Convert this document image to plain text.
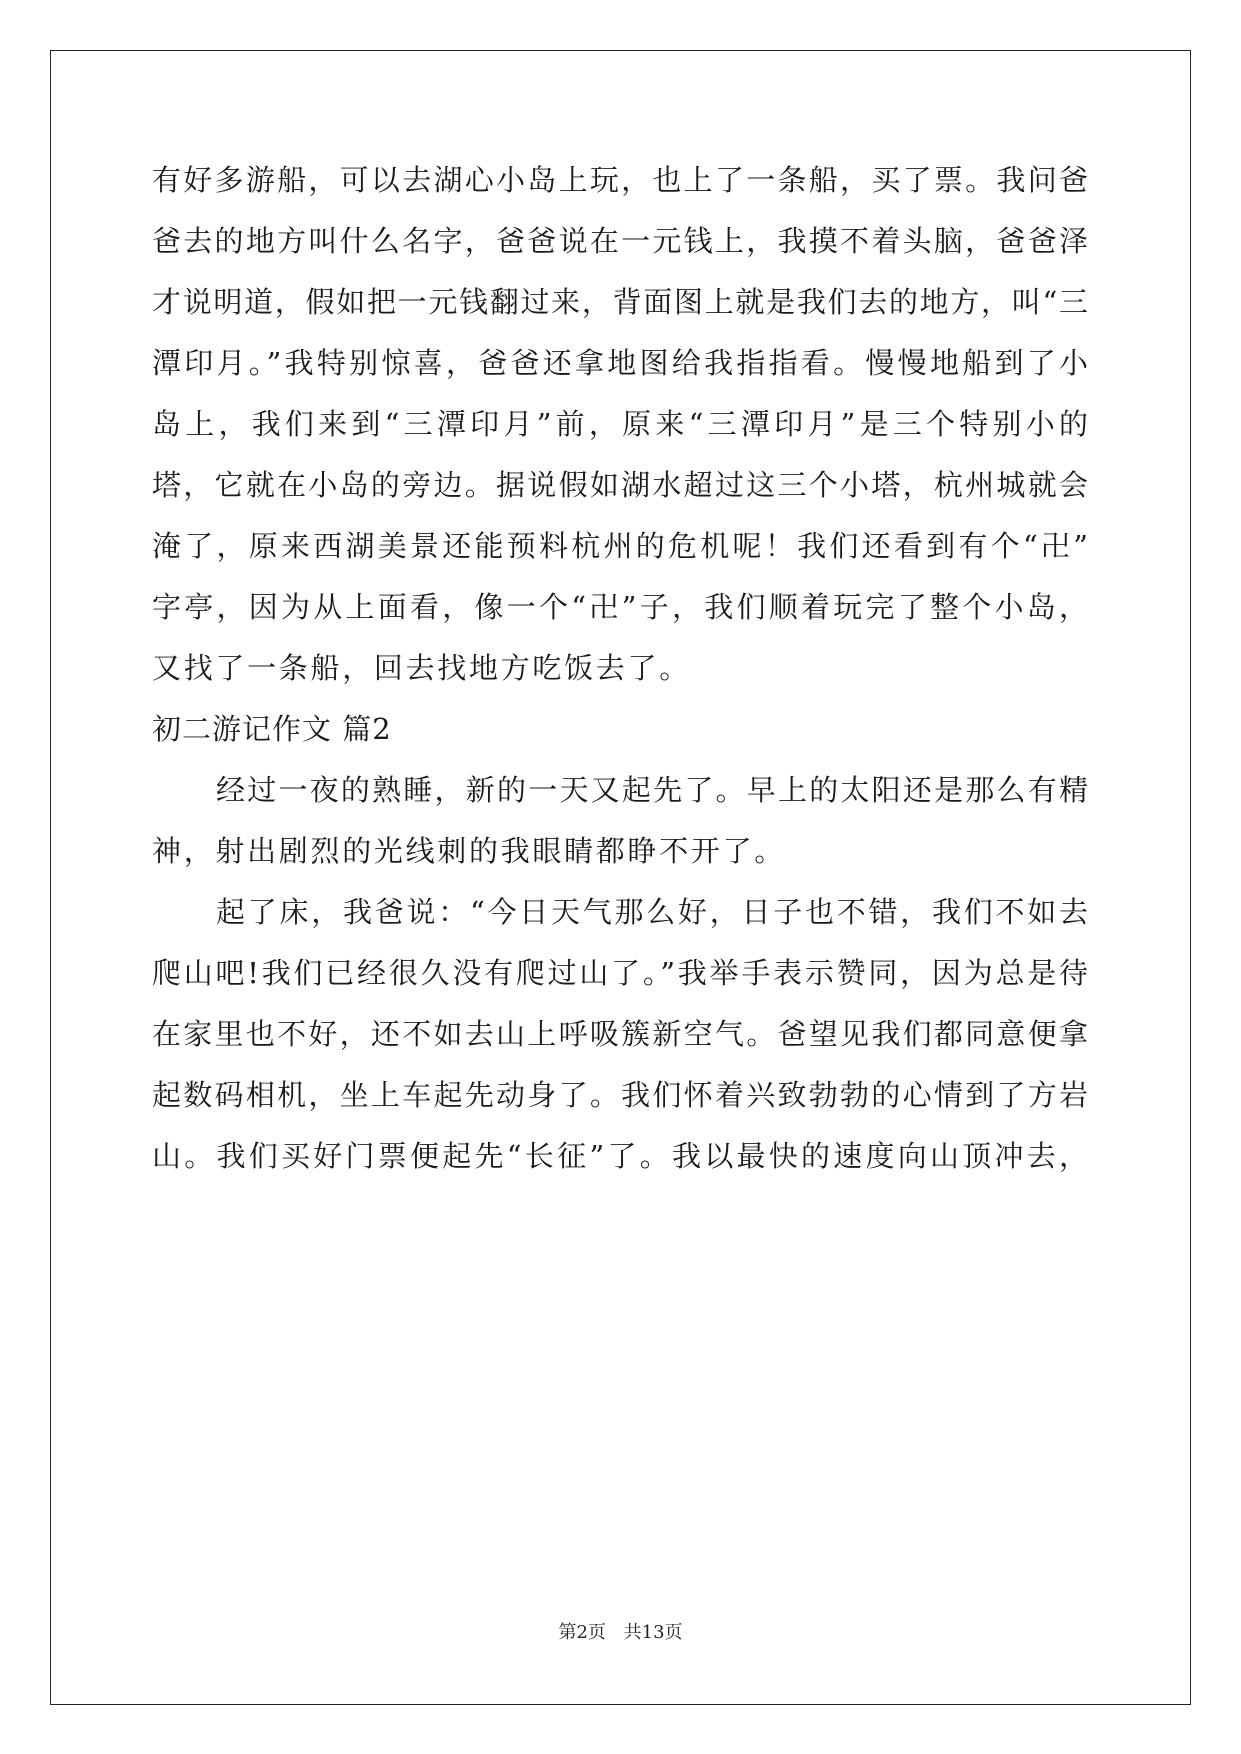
有好多游船，可以去湖心小岛上玩，也上了一条船，买了票。我问爸
爸去的地方叫什么名字，爸爸说在一元钱上，我摸不着头脑，爸爸泽
才说明道，假如把一元钱翻过来，背面图上就是我们去的地方，叫“三
潭印月。”我特别惊喜，爸爸还拿地图给我指指看。慢慢地船到了小
岛上，我们来到“三潭印月”前，原来“三潭印月”是三个特别小的
塔，它就在小岛的旁边。据说假如湖水超过这三个小塔，杭州城就会
淹了，原来西湖美景还能预料杭州的危机呢！我们还看到有个“卍”
字亭，因为从上面看，像一个“卍”子，我们顺着玩完了整个小岛，
又找了一条船，回去找地方吃饭去了。
初二游记作文 篇2
经过一夜的熟睡，新的一天又起先了。早上的太阳还是那么有精
神，射出剧烈的光线刺的我眼睛都睁不开了。
起了床，我爸说：“今日天气那么好，日子也不错，我们不如去
爬山吧!我们已经很久没有爬过山了。”我举手表示赞同，因为总是待
在家里也不好，还不如去山上呼吸簇新空气。爸望见我们都同意便拿
起数码相机，坐上车起先动身了。我们怀着兴致勃勃的心情到了方岩
山。我们买好门票便起先“长征”了。我以最快的速度向山顶冲去，
第2页 共13页
